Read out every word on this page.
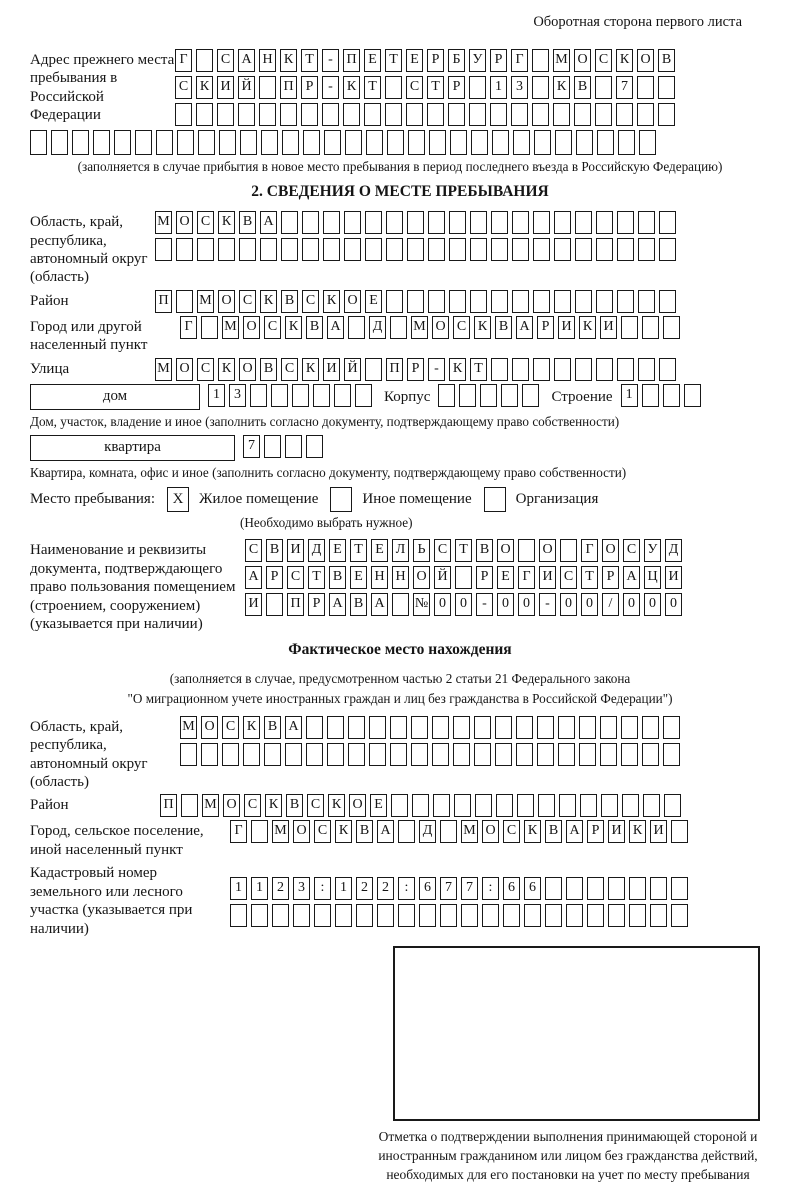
Оборотная сторона первого листа
Адрес прежнего места пребывания в Российской Федерации
Г	С А Н К Т	- П Е Т Е Р Б У Р Г	М О С К О В
С К И Й П Р	-	К Т	С Т Р	1	3	К В	7
(заполняется в случае прибытия в новое место пребывания в период последнего въезда в Российскую Федерацию)
2. СВЕДЕНИЯ О МЕСТЕ ПРЕБЫВАНИЯ
Область, край, республика, автономный округ (область)
М О С К В А
Район	П М О С К В С К О Е
Город или другой населенный пункт
Г	М О С К В А Д М О С К В А Р И К И
Улица	М О С К О В С К И Й П Р	-	К Т
дом	1	3	Корпус	Строение 1
Дом, участок, владение и иное (заполнить согласно документу, подтверждающему право собственности)
квартира	7
Квартира, комната, офис и иное (заполнить согласно документу, подтверждающему право собственности)
Место пребывания:	X	Жилое помещение	Иное помещение	Организация
(Необходимо выбрать нужное)
Наименование и реквизиты документа, подтверждающего право пользования помещением (строением, сооружением) (указывается при наличии)
С В И Д Е Т Е Л Ь С Т В О О	Г О С У Д
А Р С Т В Е Н Н О Й	Р Е Г И С Т Р А Ц И
И П Р А В А № 0	0	-	0	0	-	0	0	/	0	0	0
Фактическое место нахождения
(заполняется в случае, предусмотренном частью 2 статьи 21 Федерального закона
"О миграционном учете иностранных граждан и лиц без гражданства в Российской Федерации")
Область, край, республика, автономный округ (область)
М О С К В А
Район	П М О С К В С К О Е
Город, сельское поселение, иной населенный пункт
Г	М О С К В А Д М О С К В А Р И К И
Кадастровый номер земельного или лесного участка (указывается при наличии)
1	1	2	3	:	1	2	2	:	6	7	7	:	6	6
Отметка о подтверждении выполнения принимающей стороной и иностранным гражданином или лицом без гражданства действий, необходимых для его постановки на учет по месту пребывания
